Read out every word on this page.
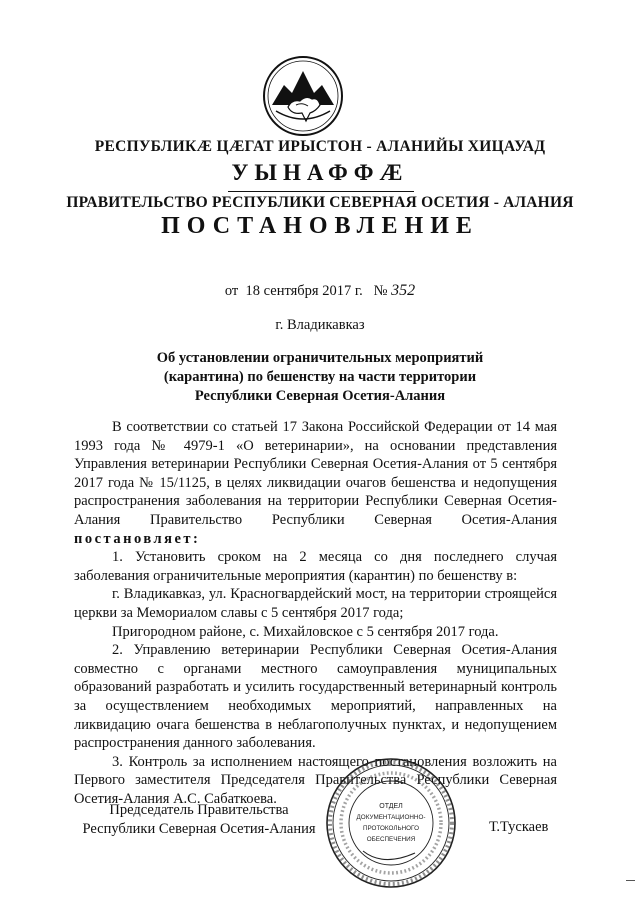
РЕСПУБЛИКÆ ЦÆГАТ ИРЫСТОН - АЛАНИЙЫ ХИЦАУАД
УЫНАФФÆ
ПРАВИТЕЛЬСТВО РЕСПУБЛИКИ СЕВЕРНАЯ ОСЕТИЯ - АЛАНИЯ
ПОСТАНОВЛЕНИЕ
от 18 сентября 2017 г. № 352
г. Владикавказ
Об установлении ограничительных мероприятий
(карантина) по бешенству на части территории
Республики Северная Осетия-Алания

В соответствии со статьей 17 Закона Российской Федерации от 14 мая 1993 года № 4979-1 «О ветеринарии», на основании представления Управления ветеринарии Республики Северная Осетия-Алания от 5 сентября 2017 года № 15/1125, в целях ликвидации очагов бешенства и недопущения распространения заболевания на территории Республики Северная Осетия-Алания Правительство Республики Северная Осетия-Алания постановляет:

1. Установить сроком на 2 месяца со дня последнего случая заболевания ограничительные мероприятия (карантин) по бешенству в:

г. Владикавказ, ул. Красногвардейский мост, на территории строящейся церкви за Мемориалом славы с 5 сентября 2017 года;

Пригородном районе, с. Михайловское с 5 сентября 2017 года.

2. Управлению ветеринарии Республики Северная Осетия-Алания совместно с органами местного самоуправления муниципальных образований разработать и усилить государственный ветеринарный контроль за осуществлением необходимых мероприятий, направленных на ликвидацию очага бешенства в неблагополучных пунктах, и недопущением распространения данного заболевания.

3. Контроль за исполнением настоящего постановления возложить на Первого заместителя Председателя Правительства Республики Северная Осетия-Алания А.С. Сабаткоева.

Председатель Правительства
Республики Северная Осетия-Алания
ОТДЕЛ
ДОКУМЕНТАЦИОННО-
ПРОТОКОЛЬНОГО
ОБЕСПЕЧЕНИЯ
Т.Тускаев
